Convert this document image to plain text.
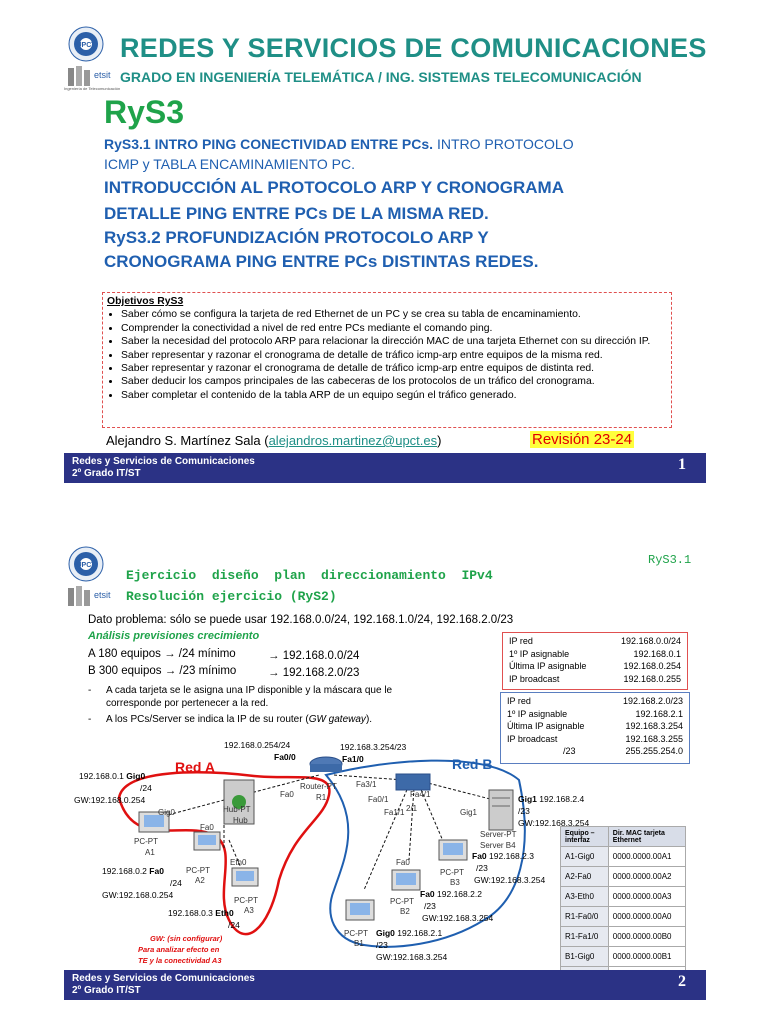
UPCT
etsit
Ingeniería de Telecomunicación
REDES Y SERVICIOS DE COMUNICACIONES
GRADO EN INGENIERÍA TELEMÁTICA / ING. SISTEMAS TELECOMUNICACIÓN
RyS3
RyS3.1 INTRO PING CONECTIVIDAD ENTRE PCs. INTRO PROTOCOLO
ICMP y TABLA ENCAMINAMIENTO PC.
INTRODUCCIÓN AL PROTOCOLO ARP Y CRONOGRAMA
DETALLE PING ENTRE PCs DE LA MISMA RED.
RyS3.2 PROFUNDIZACIÓN PROTOCOLO ARP Y
CRONOGRAMA PING ENTRE PCs DISTINTAS REDES.
Objetivos RyS3
• Saber cómo se configura la tarjeta de red Ethernet de un PC y se crea su tabla de encaminamiento.
• Comprender la conectividad a nivel de red entre PCs mediante el comando ping.
• Saber la necesidad del protocolo ARP para relacionar la dirección MAC de una tarjeta Ethernet con su dirección IP.
• Saber representar y razonar el cronograma de detalle de tráfico icmp-arp entre equipos de la misma red.
• Saber representar y razonar el cronograma de detalle de tráfico icmp-arp entre equipos de distinta red.
• Saber deducir los campos principales de las cabeceras de los protocolos de un tráfico del cronograma.
• Saber completar el contenido de la tabla ARP de un equipo según el tráfico generado.
Alejandro S. Martínez Sala (alejandros.martinez@upct.es)	Revisión 23-24
Redes y Servicios de Comunicaciones
2º Grado IT/ST
1
UPCT
etsit
RyS3.1
Ejercicio  diseño  plan  direccionamiento  IPv4
Resolución ejercicio (RyS2)
Dato problema: sólo se puede usar 192.168.0.0/24, 192.168.1.0/24, 192.168.2.0/23
Análisis previsiones crecimiento
A 180 equipos → /24 mínimo	→ 192.168.0.0/24
B 300 equipos → /23 mínimo	→ 192.168.2.0/23
- A cada tarjeta se le asigna una IP disponible y la máscara que le corresponde por pertenecer a la red.
- A los PCs/Server se indica la IP de su router (GW gateway).
IP red	192.168.0.0/24
1º IP asignable	192.168.0.1
Última IP asignable	192.168.0.254
IP broadcast	192.168.0.255
IP red	192.168.2.0/23
1º IP asignable	192.168.2.1
Última IP asignable	192.168.3.254
IP broadcast	192.168.3.255
/23	255.255.254.0
Equipo – interfaz	Dir. MAC tarjeta Ethernet
A1-Gig0	0000.0000.00A1
A2-Fa0	0000.0000.00A2
A3-Eth0	0000.0000.00A3
R1-Fa0/0	0000.0000.00A0
R1-Fa1/0	0000.0000.00B0
B1-Gig0	0000.0000.00B1

Red A	Red B
192.168.0.254/24
Fa0/0
192.168.3.254/23
Fa1/0
192.168.0.1 Gig0
/24
GW:192.168.0.254
192.168.0.2 Fa0
/24
GW:192.168.0.254
192.168.0.3 Eth0
/24
GW: (sin configurar)
Para analizar efecto en
TE y la conectividad A3
Gig1 192.168.2.4
/23
GW:192.168.3.254
Fa0 192.168.2.3
/23
GW:192.168.3.254
Fa0 192.168.2.2
/23
GW:192.168.3.254
Gig0 192.168.2.1
/23
GW:192.168.3.254
Router-PT
R1
Hub-PT
Hub
PC-PT
A1
PC-PT
A2
PC-PT
A3
PC-PT
B1
PC-PT
B2
PC-PT
B3
Server-PT
Server B4
Fa3/1
Fa0/1
Fa4/1
Fa1/1 2/1
Gig0
Eth0
Fa0
Gig1
Fa0
Fa0
Redes y Servicios de Comunicaciones
2º Grado IT/ST
2
